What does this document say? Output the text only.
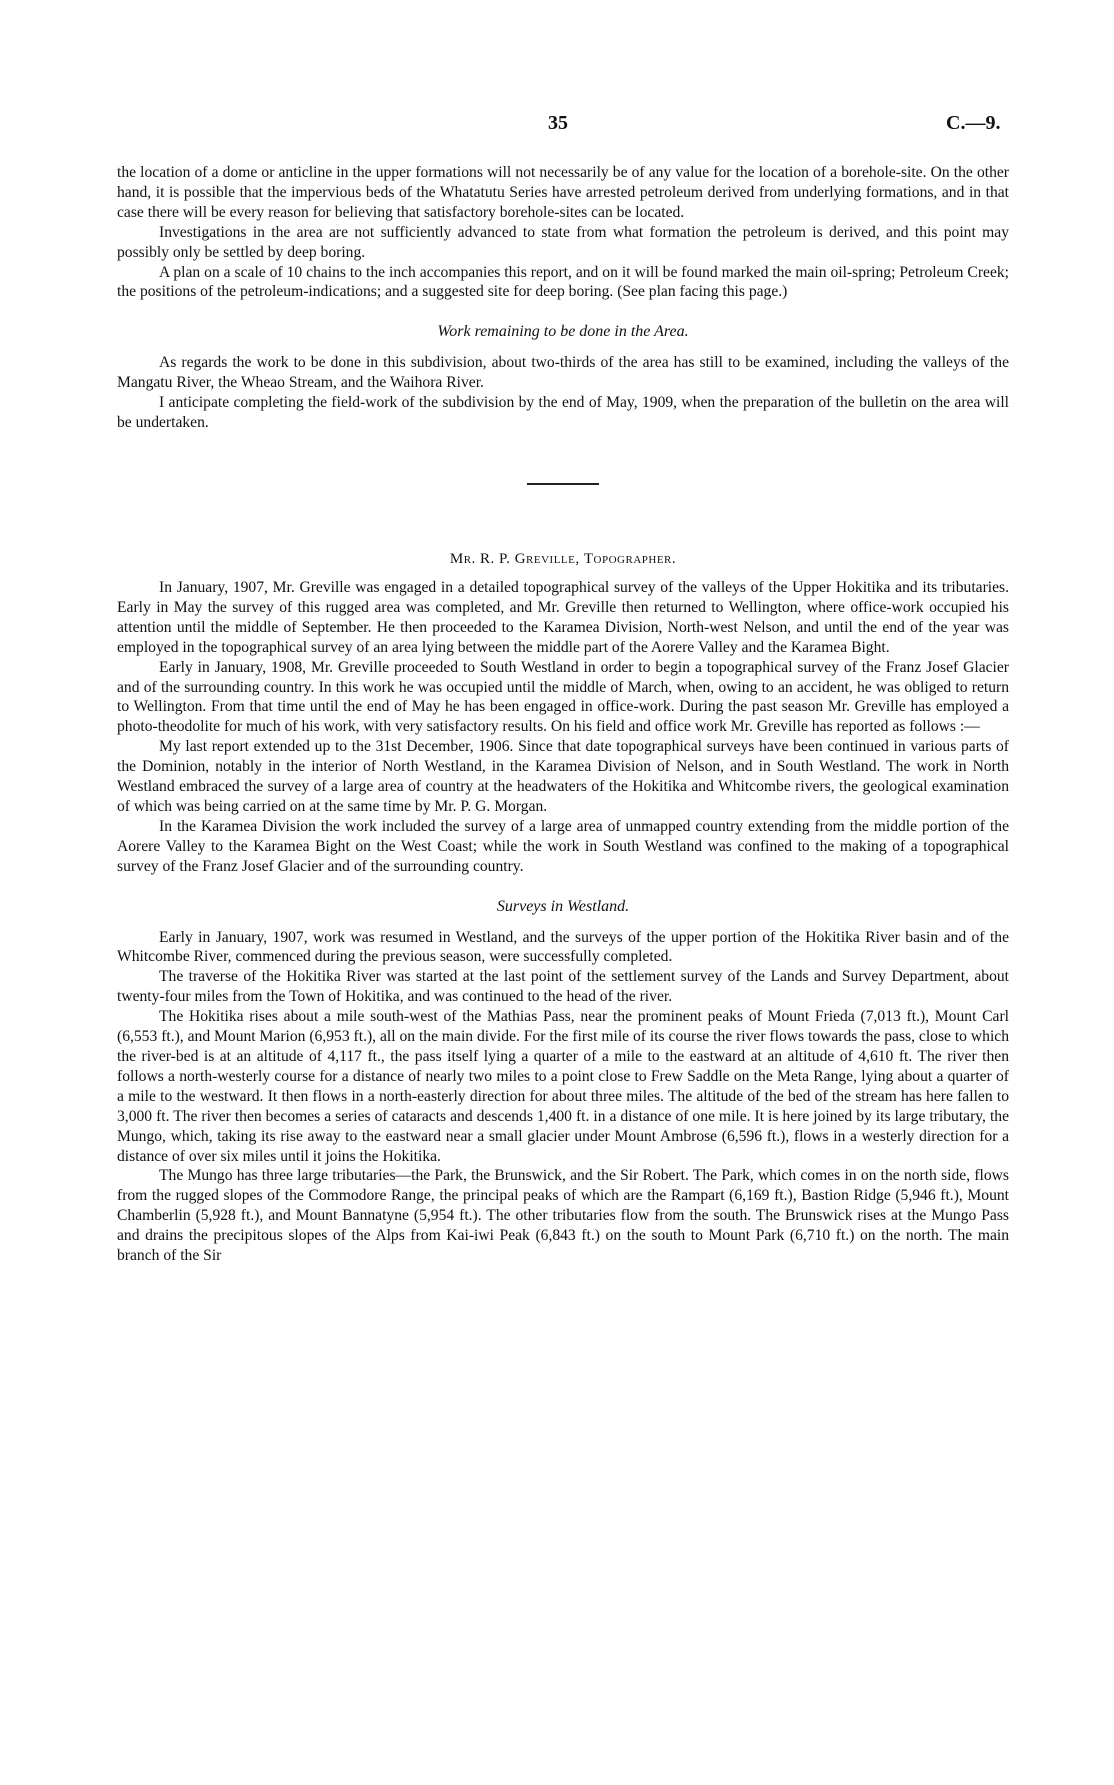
35	C.—9.

the location of a dome or anticline in the upper formations will not necessarily be of any value for the location of a borehole-site. On the other hand, it is possible that the impervious beds of the Whatatutu Series have arrested petroleum derived from underlying formations, and in that case there will be every reason for believing that satisfactory borehole-sites can be located.

Investigations in the area are not sufficiently advanced to state from what formation the petroleum is derived, and this point may possibly only be settled by deep boring.

A plan on a scale of 10 chains to the inch accompanies this report, and on it will be found marked the main oil-spring; Petroleum Creek; the positions of the petroleum-indications; and a suggested site for deep boring. (See plan facing this page.)

Work remaining to be done in the Area.

As regards the work to be done in this subdivision, about two-thirds of the area has still to be examined, including the valleys of the Mangatu River, the Wheao Stream, and the Waihora River.

I anticipate completing the field-work of the subdivision by the end of May, 1909, when the preparation of the bulletin on the area will be undertaken.

Mr. R. P. Greville, Topographer.

In January, 1907, Mr. Greville was engaged in a detailed topographical survey of the valleys of the Upper Hokitika and its tributaries. Early in May the survey of this rugged area was completed, and Mr. Greville then returned to Wellington, where office-work occupied his attention until the middle of September. He then proceeded to the Karamea Division, North-west Nelson, and until the end of the year was employed in the topographical survey of an area lying between the middle part of the Aorere Valley and the Karamea Bight.

Early in January, 1908, Mr. Greville proceeded to South Westland in order to begin a topographical survey of the Franz Josef Glacier and of the surrounding country. In this work he was occupied until the middle of March, when, owing to an accident, he was obliged to return to Wellington. From that time until the end of May he has been engaged in office-work. During the past season Mr. Greville has employed a photo-theodolite for much of his work, with very satisfactory results. On his field and office work Mr. Greville has reported as follows :—

My last report extended up to the 31st December, 1906. Since that date topographical surveys have been continued in various parts of the Dominion, notably in the interior of North Westland, in the Karamea Division of Nelson, and in South Westland. The work in North Westland embraced the survey of a large area of country at the headwaters of the Hokitika and Whitcombe rivers, the geological examination of which was being carried on at the same time by Mr. P. G. Morgan.

In the Karamea Division the work included the survey of a large area of unmapped country extending from the middle portion of the Aorere Valley to the Karamea Bight on the West Coast; while the work in South Westland was confined to the making of a topographical survey of the Franz Josef Glacier and of the surrounding country.

Surveys in Westland.

Early in January, 1907, work was resumed in Westland, and the surveys of the upper portion of the Hokitika River basin and of the Whitcombe River, commenced during the previous season, were successfully completed.

The traverse of the Hokitika River was started at the last point of the settlement survey of the Lands and Survey Department, about twenty-four miles from the Town of Hokitika, and was continued to the head of the river.

The Hokitika rises about a mile south-west of the Mathias Pass, near the prominent peaks of Mount Frieda (7,013 ft.), Mount Carl (6,553 ft.), and Mount Marion (6,953 ft.), all on the main divide. For the first mile of its course the river flows towards the pass, close to which the river-bed is at an altitude of 4,117 ft., the pass itself lying a quarter of a mile to the eastward at an altitude of 4,610 ft. The river then follows a north-westerly course for a distance of nearly two miles to a point close to Frew Saddle on the Meta Range, lying about a quarter of a mile to the westward. It then flows in a north-easterly direction for about three miles. The altitude of the bed of the stream has here fallen to 3,000 ft. The river then becomes a series of cataracts and descends 1,400 ft. in a distance of one mile. It is here joined by its large tributary, the Mungo, which, taking its rise away to the eastward near a small glacier under Mount Ambrose (6,596 ft.), flows in a westerly direction for a distance of over six miles until it joins the Hokitika.

The Mungo has three large tributaries—the Park, the Brunswick, and the Sir Robert. The Park, which comes in on the north side, flows from the rugged slopes of the Commodore Range, the principal peaks of which are the Rampart (6,169 ft.), Bastion Ridge (5,946 ft.), Mount Chamberlin (5,928 ft.), and Mount Bannatyne (5,954 ft.). The other tributaries flow from the south. The Brunswick rises at the Mungo Pass and drains the precipitous slopes of the Alps from Kai-iwi Peak (6,843 ft.) on the south to Mount Park (6,710 ft.) on the north. The main branch of the Sir
